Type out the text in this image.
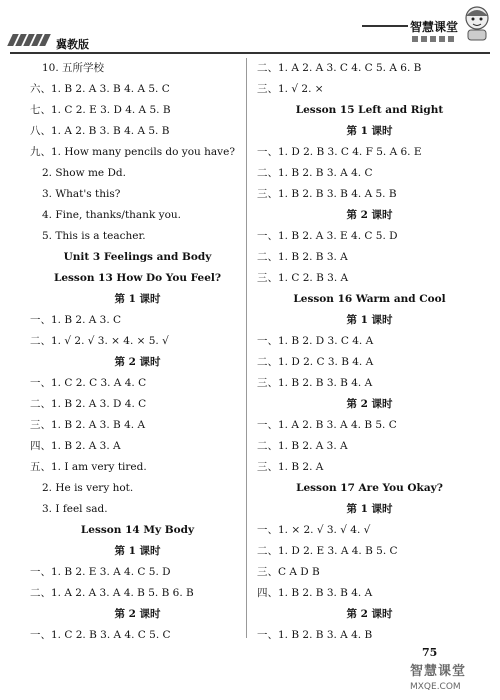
冀教版
智慧课堂
10. 五所学校
六、1. B 2. A 3. B 4. A 5. C
七、1. C 2. E 3. D 4. A 5. B
八、1. A 2. B 3. B 4. A 5. B
九、1. How many pencils do you have?
2. Show me Dd.
3. What's this?
4. Fine, thanks/thank you.
5. This is a teacher.
Unit 3 Feelings and Body
Lesson 13 How Do You Feel?
第 1 课时
一、1. B 2. A 3. C
二、1. √ 2. √ 3. × 4. × 5. √
第 2 课时
一、1. C 2. C 3. A 4. C
二、1. B 2. A 3. D 4. C
三、1. B 2. A 3. B 4. A
四、1. B 2. A 3. A
五、1. I am very tired.
2. He is very hot.
3. I feel sad.
Lesson 14 My Body
第 1 课时
一、1. B 2. E 3. A 4. C 5. D
二、1. A 2. A 3. A 4. B 5. B 6. B
第 2 课时
一、1. C 2. B 3. A 4. C 5. C
二、1. A 2. A 3. C 4. C 5. A 6. B
三、1. √ 2. ×
Lesson 15 Left and Right
第 1 课时
一、1. D 2. B 3. C 4. F 5. A 6. E
二、1. B 2. B 3. A 4. C
三、1. B 2. B 3. B 4. A 5. B
第 2 课时
一、1. B 2. A 3. E 4. C 5. D
二、1. B 2. B 3. A
三、1. C 2. B 3. A
Lesson 16 Warm and Cool
第 1 课时
一、1. B 2. D 3. C 4. A
二、1. D 2. C 3. B 4. A
三、1. B 2. B 3. B 4. A
第 2 课时
一、1. A 2. B 3. A 4. B 5. C
二、1. B 2. A 3. A
三、1. B 2. A
Lesson 17 Are You Okay?
第 1 课时
一、1. × 2. √ 3. √ 4. √
二、1. D 2. E 3. A 4. B 5. C
三、C A D B
四、1. B 2. B 3. B 4. A
第 2 课时
一、1. B 2. B 3. A 4. B
75
智慧课堂
MXQE.COM
